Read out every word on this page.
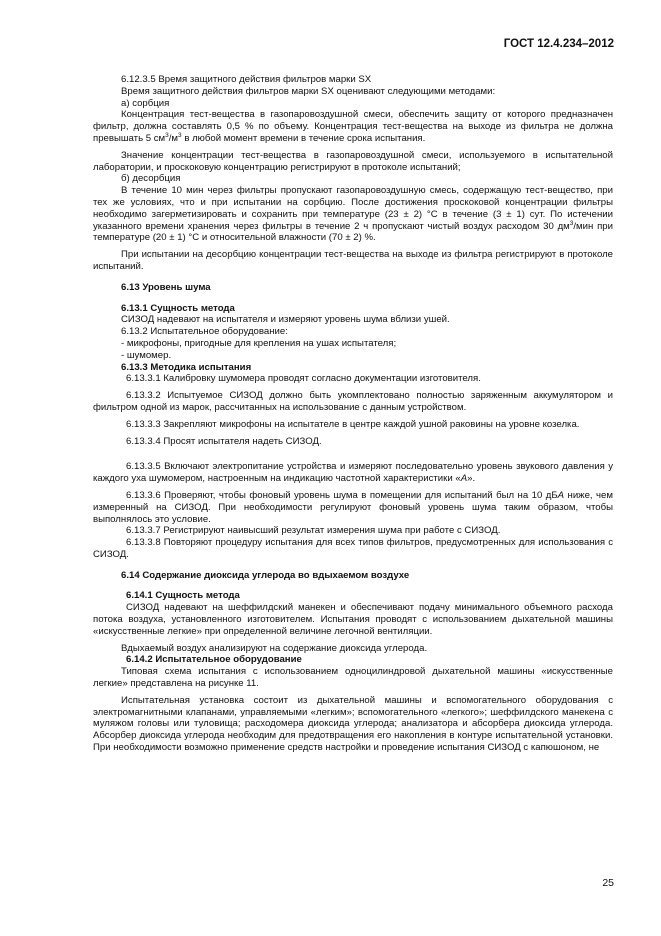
ГОСТ 12.4.234–2012

6.12.3.5 Время защитного действия фильтров марки SX

Время защитного действия фильтров марки SX оценивают следующими методами:

а) сорбция

Концентрация тест-вещества в газопаровоздушной смеси, обеспечить защиту от которого предназначен фильтр, должна составлять 0,5 % по объему. Концентрация тест-вещества на выходе из фильтра не должна превышать 5 $см^3/м^3$ в любой момент времени в течение срока испытания.

Значение концентрации тест-вещества в газопаровоздушной смеси, используемого в испытательной лаборатории, и проскоковую концентрацию регистрируют в протоколе испытаний;

б) десорбция

В течение 10 мин через фильтры пропускают газопаровоздушную смесь, содержащую тест-вещество, при тех же условиях, что и при испытании на сорбцию. После достижения проскоковой концентрации фильтры необходимо загерметизировать и сохранить при температуре (23 ± 2) °С в течение (3 ± 1) сут. По истечении указанного времени хранения через фильтры в течение 2 ч пропускают чистый воздух расходом 30 $дм^3$/мин при температуре (20 ± 1) °С и относительной влажности (70 ± 2) %.

При испытании на десорбцию концентрации тест-вещества на выходе из фильтра регистрируют в протоколе испытаний.

6.13 Уровень шума

6.13.1 Сущность метода

СИЗОД надевают на испытателя и измеряют уровень шума вблизи ушей.

6.13.2 Испытательное оборудование:

- микрофоны, пригодные для крепления на ушах испытателя;

- шумомер.

6.13.3 Методика испытания

6.13.3.1 Калибровку шумомера проводят согласно документации изготовителя.

6.13.3.2 Испытуемое СИЗОД должно быть укомплектовано полностью заряженным аккумулятором и фильтром одной из марок, рассчитанных на использование с данным устройством.

6.13.3.3 Закрепляют микрофоны на испытателе в центре каждой ушной раковины на уровне козелка.

6.13.3.4 Просят испытателя надеть СИЗОД.

6.13.3.5 Включают электропитание устройства и измеряют последовательно уровень звукового давления у каждого уха шумомером, настроенным на индикацию частотной характеристики «А».

6.13.3.6 Проверяют, чтобы фоновый уровень шума в помещении для испытаний был на 10 дБА ниже, чем измеренный на СИЗОД. При необходимости регулируют фоновый уровень шума таким образом, чтобы выполнялось это условие.

6.13.3.7 Регистрируют наивысший результат измерения шума при работе с СИЗОД.

6.13.3.8 Повторяют процедуру испытания для всех типов фильтров, предусмотренных для использования с СИЗОД.

6.14 Содержание диоксида углерода во вдыхаемом воздухе

6.14.1 Сущность метода

СИЗОД надевают на шеффилдский манекен и обеспечивают подачу минимального объемного расхода потока воздуха, установленного изготовителем. Испытания проводят с использованием дыхательной машины «искусственные легкие» при определенной величине легочной вентиляции.

Вдыхаемый воздух анализируют на содержание диоксида углерода.

6.14.2 Испытательное оборудование

Типовая схема испытания с использованием одноцилиндровой дыхательной машины «искусственные легкие» представлена на рисунке 11.

Испытательная установка состоит из дыхательной машины и вспомогательного оборудования с электромагнитными клапанами, управляемыми «легким»; вспомогательного «легкого»; шеффилдского манекена с муляжом головы или туловища; расходомера диоксида углерода; анализатора и абсорбера диоксида углерода. Абсорбер диоксида углерода необходим для предотвращения его накопления в контуре испытательной установки. При необходимости возможно применение средств настройки и проведение испытания СИЗОД с капюшоном, не

25
